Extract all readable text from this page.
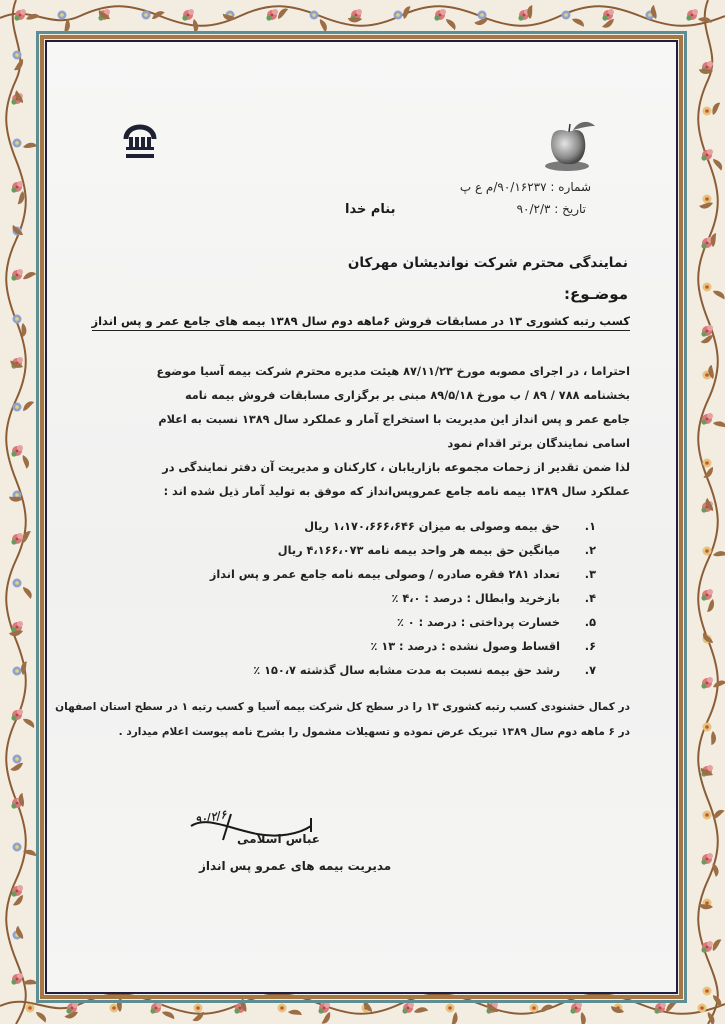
شماره : ۹۰/۱۶۲۳۷/م ع پ
تاریخ : ۹۰/۲/۳
بنام خدا
نمایندگی محترم شرکت نواندیشان مهرکان
موضـوع:
کسب رتبه کشوری ۱۳ در مسابقات فروش ۶ماهه دوم سال ۱۳۸۹ بیمه های جامع عمر و پس انداز
احتراما ، در اجرای مصوبه مورخ ۸۷/۱۱/۲۳ هیئت مدیره محترم شرکت بیمه آسیا موضوع
بخشنامه ۷۸۸ / ۸۹ / ب مورخ ۸۹/۵/۱۸ مبنی بر برگزاری مسابقات فروش بیمه نامه
جامع عمر و پس انداز این مدیریت با استخراج آمار و عملکرد سال ۱۳۸۹ نسبت به اعلام
اسامی نمایندگان برتر اقدام نمود
لذا ضمن تقدیر از زحمات مجموعه بازاریابان ، کارکنان و مدیریت آن دفتر نمایندگی در
عملکرد سال ۱۳۸۹ بیمه نامه جامع عمروپس‌انداز که موفق به تولید آمار ذیل شده اند :
۱.حق بیمه وصولی به میزان ۱،۱۷۰،۶۶۶،۶۴۶ ریال
۲.میانگین حق بیمه هر واحد بیمه نامه ۴،۱۶۶،۰۷۳ ریال
۳.تعداد ۲۸۱ فقره صادره / وصولی بیمه نامه جامع عمر و پس انداز
۴.بازخرید وابطال : درصد : ۴،۰ ٪
۵.خسارت پرداختی : درصد : ۰ ٪
۶.اقساط وصول نشده : درصد : ۱۳ ٪
۷.رشد حق بیمه نسبت به مدت مشابه سال گذشته ۱۵۰،۷ ٪
در کمال خشنودی کسب رتبه کشوری ۱۳ را در سطح کل شرکت بیمه آسیا و کسب رتبه ۱ در سطح استان اصفهان
در ۶ ماهه دوم سال ۱۳۸۹ تبریک عرض نموده و تسهیلات مشمول را بشرح نامه پیوست اعلام میدارد .
۹۰/۲/۶
عباس اسلامی
مدیریت بیمه های عمرو پس انداز
